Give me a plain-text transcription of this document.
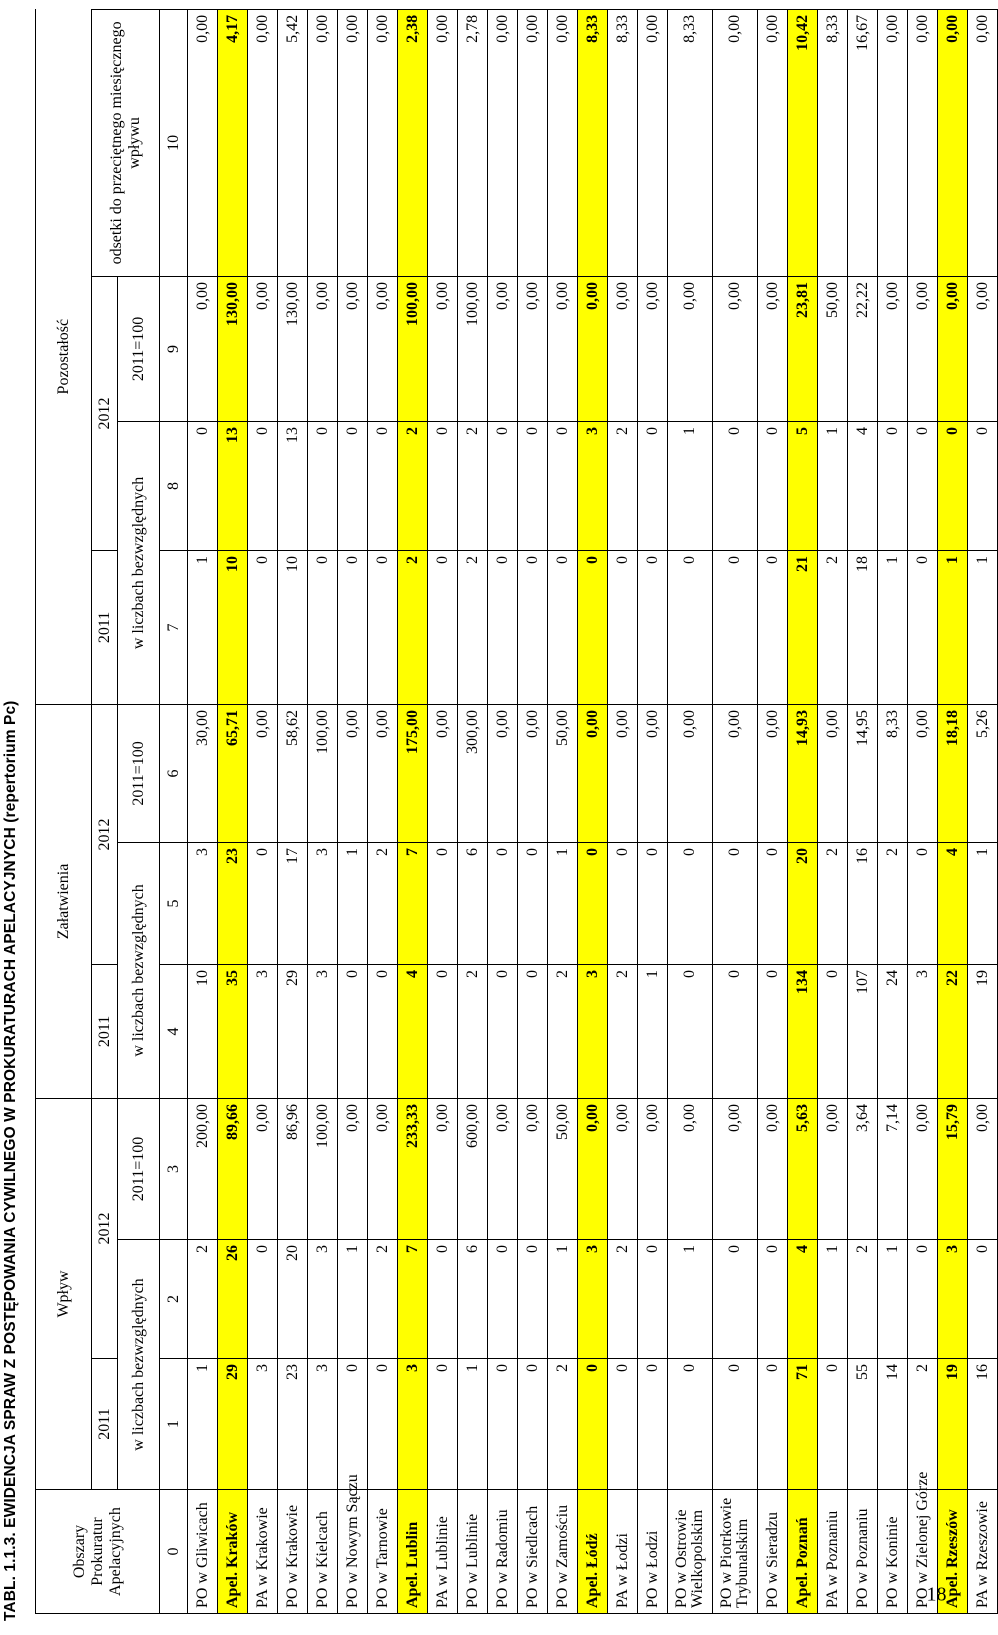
TABL. 1.1.3. EWIDENCJA SPRAW Z POSTĘPOWANIA CYWILNEGO W PROKURATURACH APELACYJNYCH (repertorium Pc)	Obszary Prokuratur Apelacyjnych	Wpływ			Załatwienia			Pozostałość			
	2011	2012		2011	2012		2011	2012		odsetki do przeciętnego miesięcznego wpływu
	w liczbach bezwzględnych		2011=100	w liczbach bezwzględnych		2011=100	w liczbach bezwzględnych		2011=100	
0	1	2	3	4	5	6	7	8	9	10
PO w Gliwicach	1	2	200,00	10	3	30,00	1	0	0,00	0,00
Apel. Kraków	29	26	89,66	35	23	65,71	10	13	130,00	4,17
PA w Krakowie	3	0	0,00	3	0	0,00	0	0	0,00	0,00
PO w Krakowie	23	20	86,96	29	17	58,62	10	13	130,00	5,42
PO w Kielcach	3	3	100,00	3	3	100,00	0	0	0,00	0,00
PO w Nowym Sączu	0	1	0,00	0	1	0,00	0	0	0,00	0,00
PO w Tarnowie	0	2	0,00	0	2	0,00	0	0	0,00	0,00
Apel. Lublin	3	7	233,33	4	7	175,00	2	2	100,00	2,38
PA w Lublinie	0	0	0,00	0	0	0,00	0	0	0,00	0,00
PO w Lublinie	1	6	600,00	2	6	300,00	2	2	100,00	2,78
PO w Radomiu	0	0	0,00	0	0	0,00	0	0	0,00	0,00
PO w Siedlcach	0	0	0,00	0	0	0,00	0	0	0,00	0,00
PO w Zamościu	2	1	50,00	2	1	50,00	0	0	0,00	0,00
Apel. Łódź	0	3	0,00	3	0	0,00	0	3	0,00	8,33
PA w Łodzi	0	2	0,00	2	0	0,00	0	2	0,00	8,33
PO w Łodzi	0	0	0,00	1	0	0,00	0	0	0,00	0,00
PO w Ostrowie Wielkopolskim	0	1	0,00	0	0	0,00	0	1	0,00	8,33
PO w Piotrkowie Trybunalskim	0	0	0,00	0	0	0,00	0	0	0,00	0,00
PO w Sieradzu	0	0	0,00	0	0	0,00	0	0	0,00	0,00
Apel. Poznań	71	4	5,63	134	20	14,93	21	5	23,81	10,42
PA w Poznaniu	0	1	0,00	0	2	0,00	2	1	50,00	8,33
PO w Poznaniu	55	2	3,64	107	16	14,95	18	4	22,22	16,67
PO w Koninie	14	1	7,14	24	2	8,33	1	0	0,00	0,00
PO w Zielonej Górze	2	0	0,00	3	0	0,00	0	0	0,00	0,00
Apel. Rzeszów	19	3	15,79	22	4	18,18	1	0	0,00	0,00
PA w Rzeszowie	16	0	0,00	19	1	5,26	1	0	0,00	0,00
18
